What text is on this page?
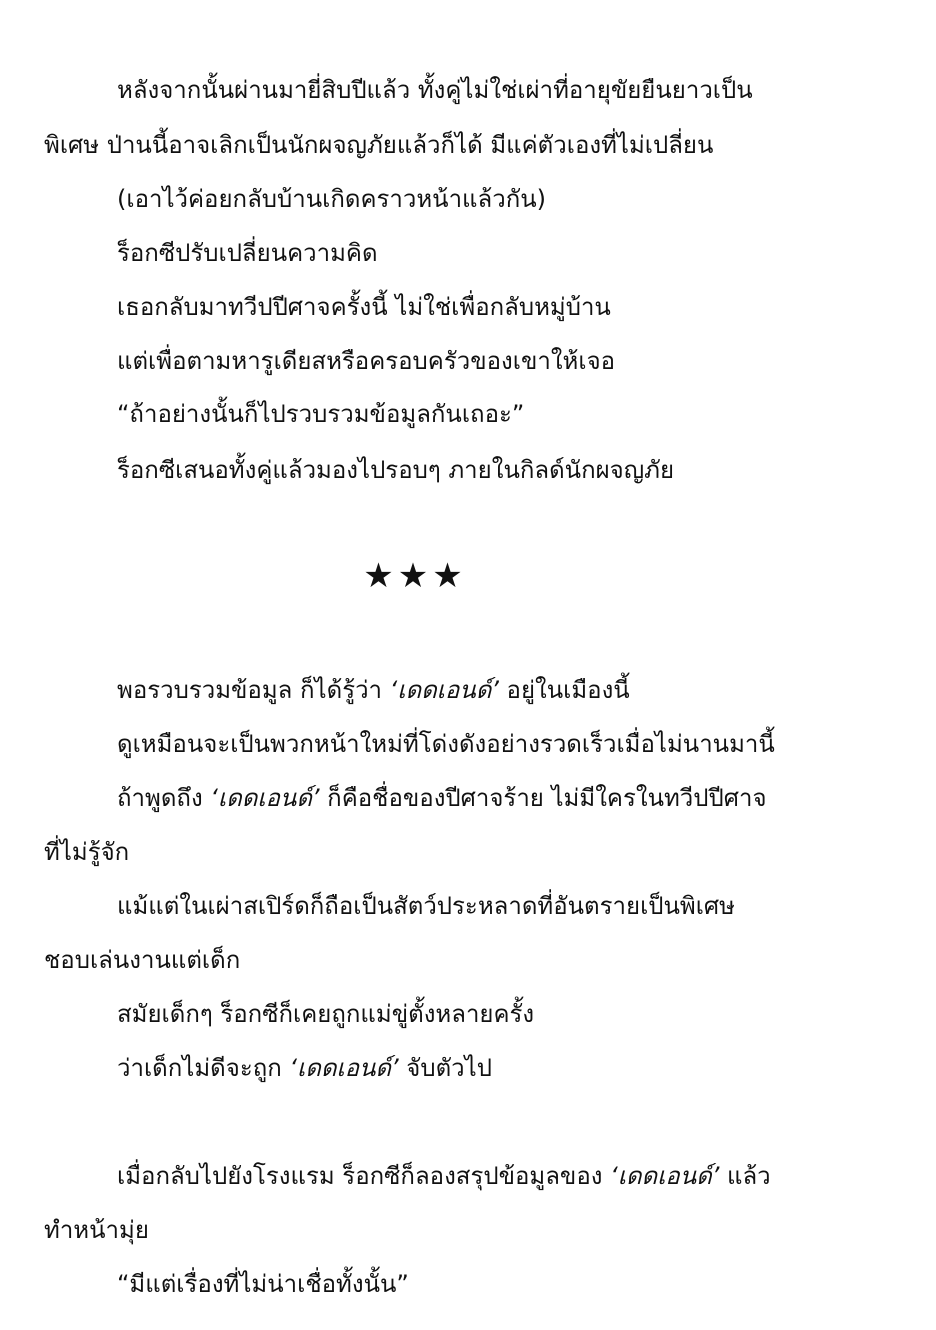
หลังจากนั้นผ่านมายี่สิบปีแล้ว ทั้งคู่ไม่ใช่เผ่าที่อายุขัยยืนยาวเป็น
พิเศษ ป่านนี้อาจเลิกเป็นนักผจญภัยแล้วก็ได้ มีแค่ตัวเองที่ไม่เปลี่ยน
(เอาไว้ค่อยกลับบ้านเกิดคราวหน้าแล้วกัน)
ร็อกซีปรับเปลี่ยนความคิด
เธอกลับมาทวีปปีศาจครั้งนี้ ไม่ใช่เพื่อกลับหมู่บ้าน
แต่เพื่อตามหารูเดียสหรือครอบครัวของเขาให้เจอ
“ถ้าอย่างนั้นก็ไปรวบรวมข้อมูลกันเถอะ”
ร็อกซีเสนอทั้งคู่แล้วมองไปรอบๆ ภายในกิลด์นักผจญภัย
★★★
พอรวบรวมข้อมูล ก็ได้รู้ว่า ‘เดดเอนด์’ อยู่ในเมืองนี้
ดูเหมือนจะเป็นพวกหน้าใหม่ที่โด่งดังอย่างรวดเร็วเมื่อไม่นานมานี้
ถ้าพูดถึง ‘เดดเอนด์’ ก็คือชื่อของปีศาจร้าย ไม่มีใครในทวีปปีศาจ
ที่ไม่รู้จัก
แม้แต่ในเผ่าสเปิร์ดก็ถือเป็นสัตว์ประหลาดที่อันตรายเป็นพิเศษ
ชอบเล่นงานแต่เด็ก
สมัยเด็กๆ ร็อกซีก็เคยถูกแม่ขู่ตั้งหลายครั้ง
ว่าเด็กไม่ดีจะถูก ‘เดดเอนด์’ จับตัวไป
เมื่อกลับไปยังโรงแรม ร็อกซีก็ลองสรุปข้อมูลของ ‘เดดเอนด์’ แล้ว
ทำหน้ามุ่ย
“มีแต่เรื่องที่ไม่น่าเชื่อทั้งนั้น”
